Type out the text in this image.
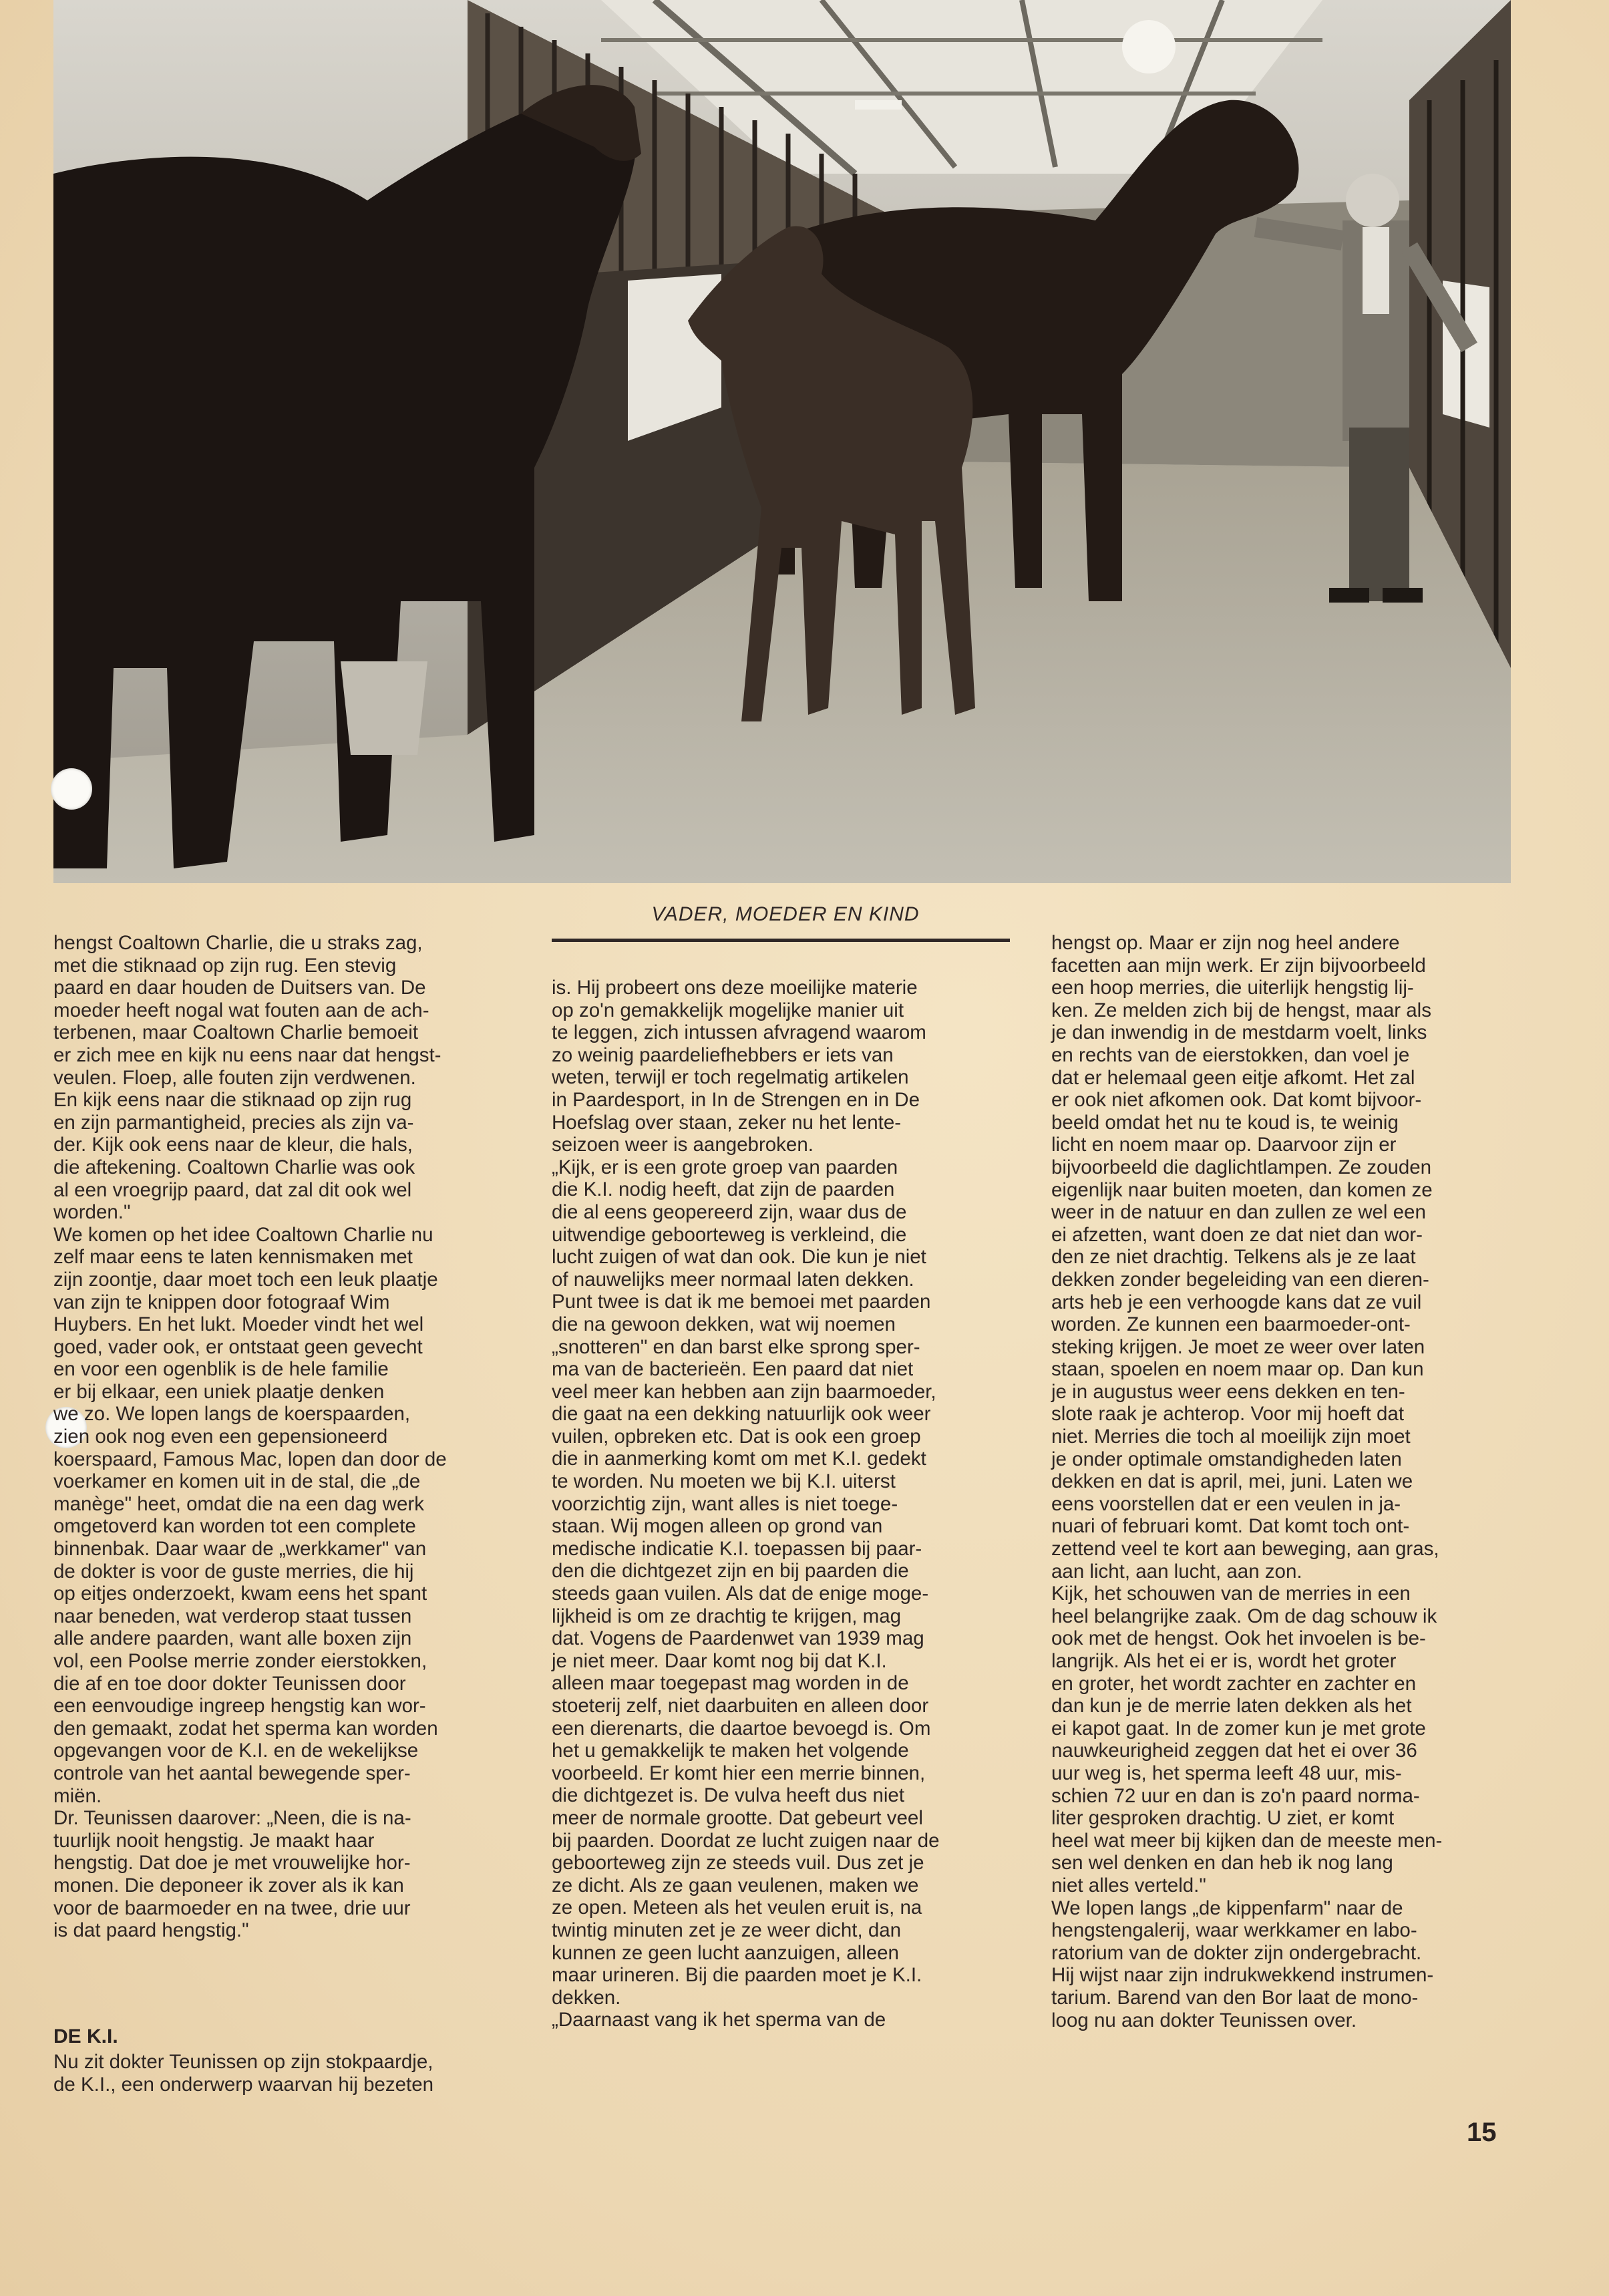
VADER, MOEDER EN KIND
hengst Coaltown Charlie, die u straks zag,
met die stiknaad op zijn rug. Een stevig
paard en daar houden de Duitsers van. De
moeder heeft nogal wat fouten aan de ach-
terbenen, maar Coaltown Charlie bemoeit
er zich mee en kijk nu eens naar dat hengst-
veulen. Floep, alle fouten zijn verdwenen.
En kijk eens naar die stiknaad op zijn rug
en zijn parmantigheid, precies als zijn va-
der. Kijk ook eens naar de kleur, die hals,
die aftekening. Coaltown Charlie was ook
al een vroegrijp paard, dat zal dit ook wel
worden."
We komen op het idee Coaltown Charlie nu
zelf maar eens te laten kennismaken met
zijn zoontje, daar moet toch een leuk plaatje
van zijn te knippen door fotograaf Wim
Huybers. En het lukt. Moeder vindt het wel
goed, vader ook, er ontstaat geen gevecht
en voor een ogenblik is de hele familie
er bij elkaar, een uniek plaatje denken
we zo. We lopen langs de koerspaarden,
zien ook nog even een gepensioneerd
koerspaard, Famous Mac, lopen dan door de
voerkamer en komen uit in de stal, die „de
manège" heet, omdat die na een dag werk
omgetoverd kan worden tot een complete
binnenbak. Daar waar de „werkkamer" van
de dokter is voor de guste merries, die hij
op eitjes onderzoekt, kwam eens het spant
naar beneden, wat verderop staat tussen
alle andere paarden, want alle boxen zijn
vol, een Poolse merrie zonder eierstokken,
die af en toe door dokter Teunissen door
een eenvoudige ingreep hengstig kan wor-
den gemaakt, zodat het sperma kan worden
opgevangen voor de K.I. en de wekelijkse
controle van het aantal bewegende sper-
miën.
Dr. Teunissen daarover: „Neen, die is na-
tuurlijk nooit hengstig. Je maakt haar
hengstig. Dat doe je met vrouwelijke hor-
monen. Die deponeer ik zover als ik kan
voor de baarmoeder en na twee, drie uur
is dat paard hengstig."
DE K.I.
Nu zit dokter Teunissen op zijn stokpaardje,
de K.I., een onderwerp waarvan hij bezeten
is. Hij probeert ons deze moeilijke materie
op zo'n gemakkelijk mogelijke manier uit
te leggen, zich intussen afvragend waarom
zo weinig paardeliefhebbers er iets van
weten, terwijl er toch regelmatig artikelen
in Paardesport, in In de Strengen en in De
Hoefslag over staan, zeker nu het lente-
seizoen weer is aangebroken.
„Kijk, er is een grote groep van paarden
die K.I. nodig heeft, dat zijn de paarden
die al eens geopereerd zijn, waar dus de
uitwendige geboorteweg is verkleind, die
lucht zuigen of wat dan ook. Die kun je niet
of nauwelijks meer normaal laten dekken.
Punt twee is dat ik me bemoei met paarden
die na gewoon dekken, wat wij noemen
„snotteren" en dan barst elke sprong sper-
ma van de bacterieën. Een paard dat niet
veel meer kan hebben aan zijn baarmoeder,
die gaat na een dekking natuurlijk ook weer
vuilen, opbreken etc. Dat is ook een groep
die in aanmerking komt om met K.I. gedekt
te worden. Nu moeten we bij K.I. uiterst
voorzichtig zijn, want alles is niet toege-
staan. Wij mogen alleen op grond van
medische indicatie K.I. toepassen bij paar-
den die dichtgezet zijn en bij paarden die
steeds gaan vuilen. Als dat de enige moge-
lijkheid is om ze drachtig te krijgen, mag
dat. Vogens de Paardenwet van 1939 mag
je niet meer. Daar komt nog bij dat K.I.
alleen maar toegepast mag worden in de
stoeterij zelf, niet daarbuiten en alleen door
een dierenarts, die daartoe bevoegd is. Om
het u gemakkelijk te maken het volgende
voorbeeld. Er komt hier een merrie binnen,
die dichtgezet is. De vulva heeft dus niet
meer de normale grootte. Dat gebeurt veel
bij paarden. Doordat ze lucht zuigen naar de
geboorteweg zijn ze steeds vuil. Dus zet je
ze dicht. Als ze gaan veulenen, maken we
ze open. Meteen als het veulen eruit is, na
twintig minuten zet je ze weer dicht, dan
kunnen ze geen lucht aanzuigen, alleen
maar urineren. Bij die paarden moet je K.I.
dekken.
„Daarnaast vang ik het sperma van de
hengst op. Maar er zijn nog heel andere
facetten aan mijn werk. Er zijn bijvoorbeeld
een hoop merries, die uiterlijk hengstig lij-
ken. Ze melden zich bij de hengst, maar als
je dan inwendig in de mestdarm voelt, links
en rechts van de eierstokken, dan voel je
dat er helemaal geen eitje afkomt. Het zal
er ook niet afkomen ook. Dat komt bijvoor-
beeld omdat het nu te koud is, te weinig
licht en noem maar op. Daarvoor zijn er
bijvoorbeeld die daglichtlampen. Ze zouden
eigenlijk naar buiten moeten, dan komen ze
weer in de natuur en dan zullen ze wel een
ei afzetten, want doen ze dat niet dan wor-
den ze niet drachtig. Telkens als je ze laat
dekken zonder begeleiding van een dieren-
arts heb je een verhoogde kans dat ze vuil
worden. Ze kunnen een baarmoeder-ont-
steking krijgen. Je moet ze weer over laten
staan, spoelen en noem maar op. Dan kun
je in augustus weer eens dekken en ten-
slote raak je achterop. Voor mij hoeft dat
niet. Merries die toch al moeilijk zijn moet
je onder optimale omstandigheden laten
dekken en dat is april, mei, juni. Laten we
eens voorstellen dat er een veulen in ja-
nuari of februari komt. Dat komt toch ont-
zettend veel te kort aan beweging, aan gras,
aan licht, aan lucht, aan zon.
Kijk, het schouwen van de merries in een
heel belangrijke zaak. Om de dag schouw ik
ook met de hengst. Ook het invoelen is be-
langrijk. Als het ei er is, wordt het groter
en groter, het wordt zachter en zachter en
dan kun je de merrie laten dekken als het
ei kapot gaat. In de zomer kun je met grote
nauwkeurigheid zeggen dat het ei over 36
uur weg is, het sperma leeft 48 uur, mis-
schien 72 uur en dan is zo'n paard norma-
liter gesproken drachtig. U ziet, er komt
heel wat meer bij kijken dan de meeste men-
sen wel denken en dan heb ik nog lang
niet alles verteld."
We lopen langs „de kippenfarm" naar de
hengstengalerij, waar werkkamer en labo-
ratorium van de dokter zijn ondergebracht.
Hij wijst naar zijn indrukwekkend instrumen-
tarium. Barend van den Bor laat de mono-
loog nu aan dokter Teunissen over.
15
